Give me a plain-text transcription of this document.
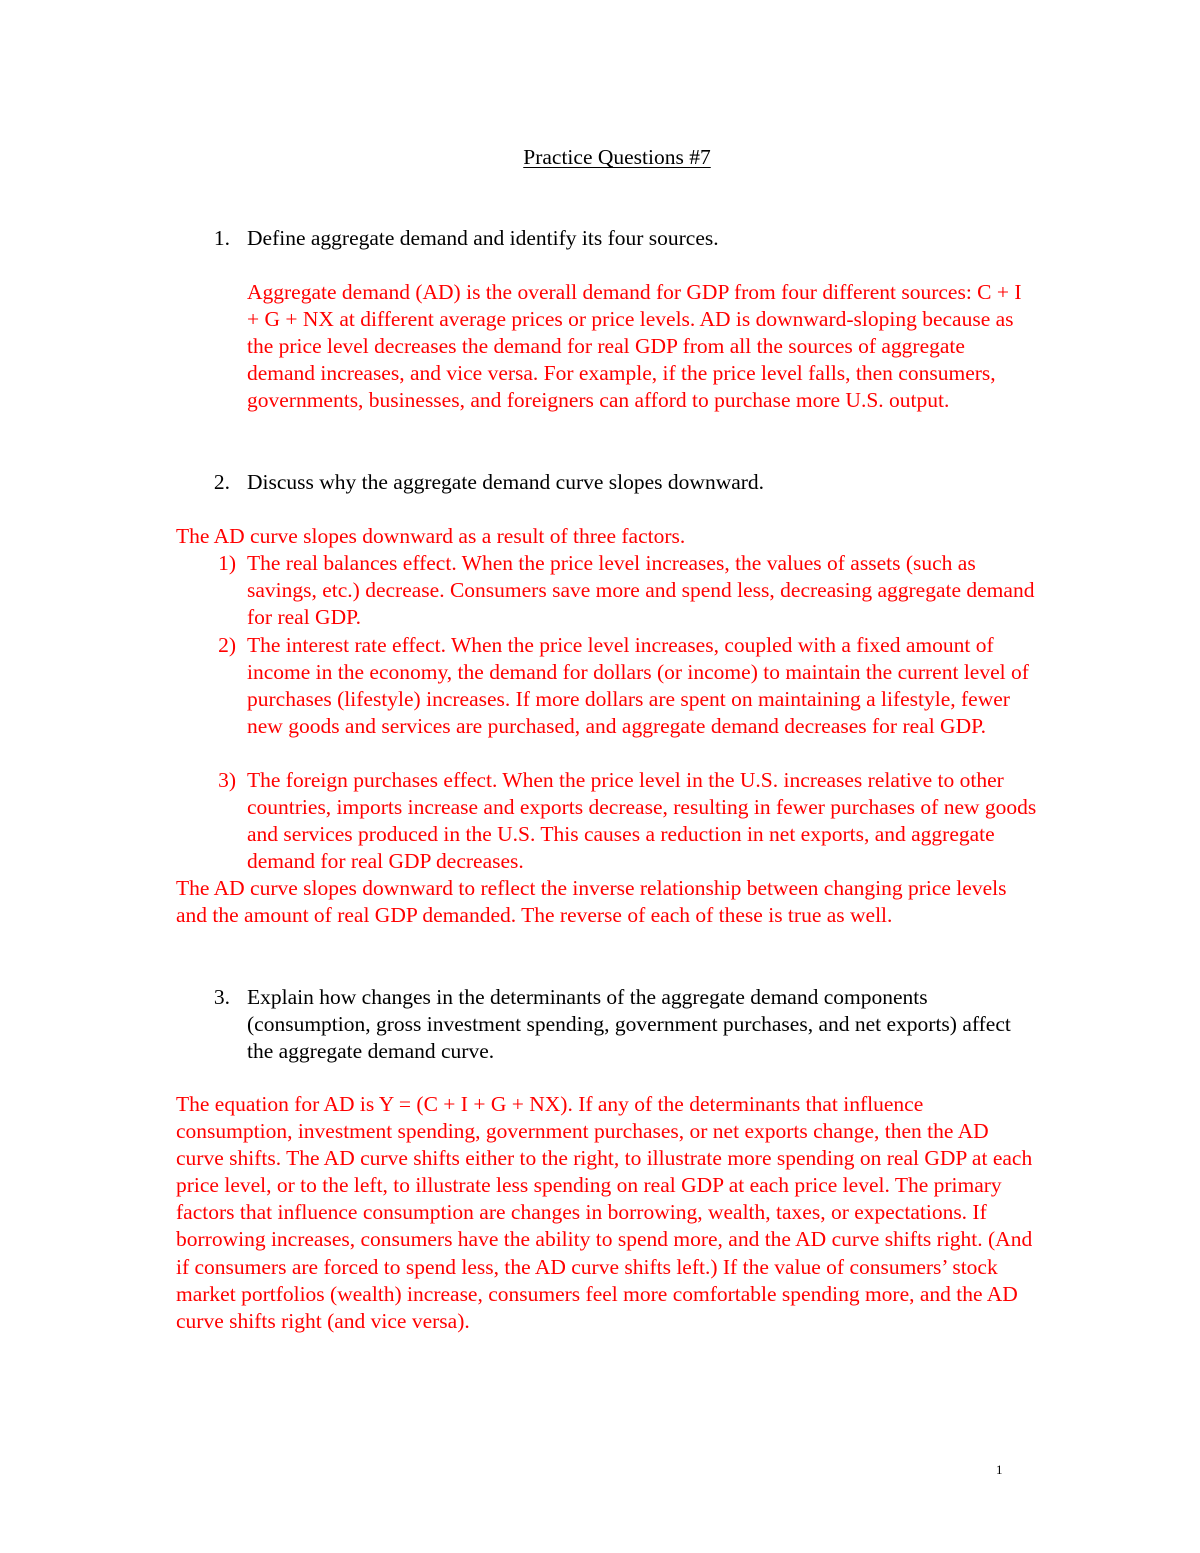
Practice Questions #7

1. Define aggregate demand and identify its four sources.

Aggregate demand (AD) is the overall demand for GDP from four different sources: C + I + G + NX at different average prices or price levels. AD is downward-sloping because as the price level decreases the demand for real GDP from all the sources of aggregate demand increases, and vice versa. For example, if the price level falls, then consumers, governments, businesses, and foreigners can afford to purchase more U.S. output.

2. Discuss why the aggregate demand curve slopes downward.

The AD curve slopes downward as a result of three factors.

1) The real balances effect. When the price level increases, the values of assets (such as savings, etc.) decrease. Consumers save more and spend less, decreasing aggregate demand for real GDP.

2) The interest rate effect. When the price level increases, coupled with a fixed amount of income in the economy, the demand for dollars (or income) to maintain the current level of purchases (lifestyle) increases. If more dollars are spent on maintaining a lifestyle, fewer new goods and services are purchased, and aggregate demand decreases for real GDP.

3) The foreign purchases effect. When the price level in the U.S. increases relative to other countries, imports increase and exports decrease, resulting in fewer purchases of new goods and services produced in the U.S. This causes a reduction in net exports, and aggregate demand for real GDP decreases.

The AD curve slopes downward to reflect the inverse relationship between changing price levels and the amount of real GDP demanded. The reverse of each of these is true as well.

3. Explain how changes in the determinants of the aggregate demand components (consumption, gross investment spending, government purchases, and net exports) affect the aggregate demand curve.

The equation for AD is Y = (C + I + G + NX). If any of the determinants that influence consumption, investment spending, government purchases, or net exports change, then the AD curve shifts. The AD curve shifts either to the right, to illustrate more spending on real GDP at each price level, or to the left, to illustrate less spending on real GDP at each price level. The primary factors that influence consumption are changes in borrowing, wealth, taxes, or expectations. If borrowing increases, consumers have the ability to spend more, and the AD curve shifts right. (And if consumers are forced to spend less, the AD curve shifts left.) If the value of consumers’ stock market portfolios (wealth) increase, consumers feel more comfortable spending more, and the AD curve shifts right (and vice versa).

1
